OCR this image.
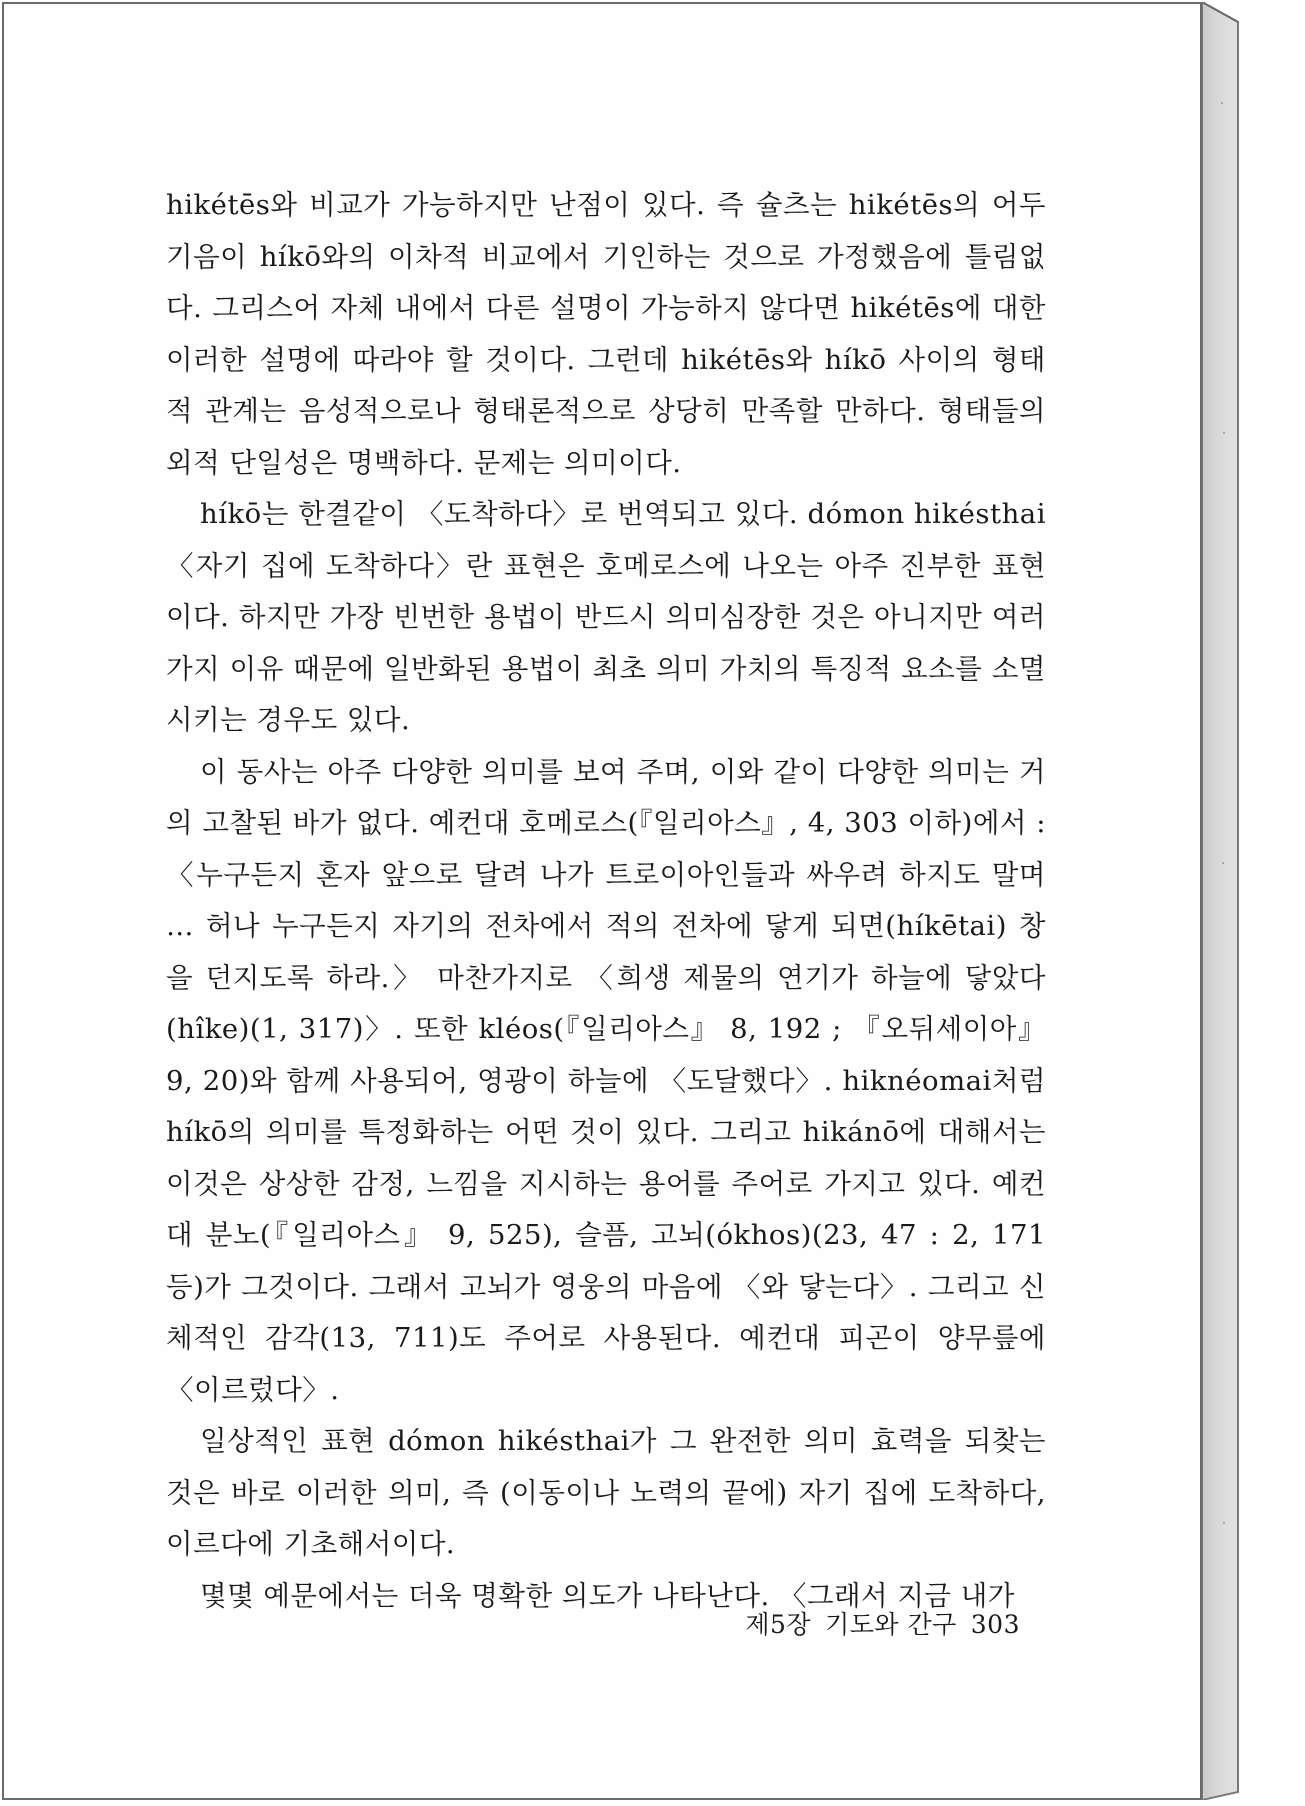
hikétēs와 비교가 가능하지만 난점이 있다. 즉 슐츠는 hikétēs의 어두 기음이 híkō와의 이차적 비교에서 기인하는 것으로 가정했음에 틀림없다. 그리스어 자체 내에서 다른 설명이 가능하지 않다면 hikétēs에 대한 이러한 설명에 따라야 할 것이다. 그런데 hikétēs와 híkō 사이의 형태적 관계는 음성적으로나 형태론적으로 상당히 만족할 만하다. 형태들의 외적 단일성은 명백하다. 문제는 의미이다.

híkō는 한결같이 〈도착하다〉로 번역되고 있다. dómon hikésthai〈자기 집에 도착하다〉란 표현은 호메로스에 나오는 아주 진부한 표현이다. 하지만 가장 빈번한 용법이 반드시 의미심장한 것은 아니지만 여러 가지 이유 때문에 일반화된 용법이 최초 의미 가치의 특징적 요소를 소멸시키는 경우도 있다.

이 동사는 아주 다양한 의미를 보여 주며, 이와 같이 다양한 의미는 거의 고찰된 바가 없다. 예컨대 호메로스(『일리아스』, 4, 303 이하)에서 : 〈누구든지 혼자 앞으로 달려 나가 트로이아인들과 싸우려 하지도 말며 … 허나 누구든지 자기의 전차에서 적의 전차에 닿게 되면(híkētai) 창을 던지도록 하라.〉 마찬가지로 〈희생 제물의 연기가 하늘에 닿았다(hîke)(1, 317)〉. 또한 kléos(『일리아스』 8, 192 ; 『오뒤세이아』 9, 20)와 함께 사용되어, 영광이 하늘에 〈도달했다〉. hiknéomai처럼 híkō의 의미를 특정화하는 어떤 것이 있다. 그리고 hikánō에 대해서는 이것은 상상한 감정, 느낌을 지시하는 용어를 주어로 가지고 있다. 예컨대 분노(『일리아스』 9, 525), 슬픔, 고뇌(ókhos)(23, 47 : 2, 171 등)가 그것이다. 그래서 고뇌가 영웅의 마음에 〈와 닿는다〉. 그리고 신체적인 감각(13, 711)도 주어로 사용된다. 예컨대 피곤이 양무릎에 〈이르렀다〉.

일상적인 표현 dómon hikésthai가 그 완전한 의미 효력을 되찾는 것은 바로 이러한 의미, 즉 (이동이나 노력의 끝에) 자기 집에 도착하다, 이르다에 기초해서이다.

몇몇 예문에서는 더욱 명확한 의도가 나타난다. 〈그래서 지금 내가

제5장 기도와 간구 303
